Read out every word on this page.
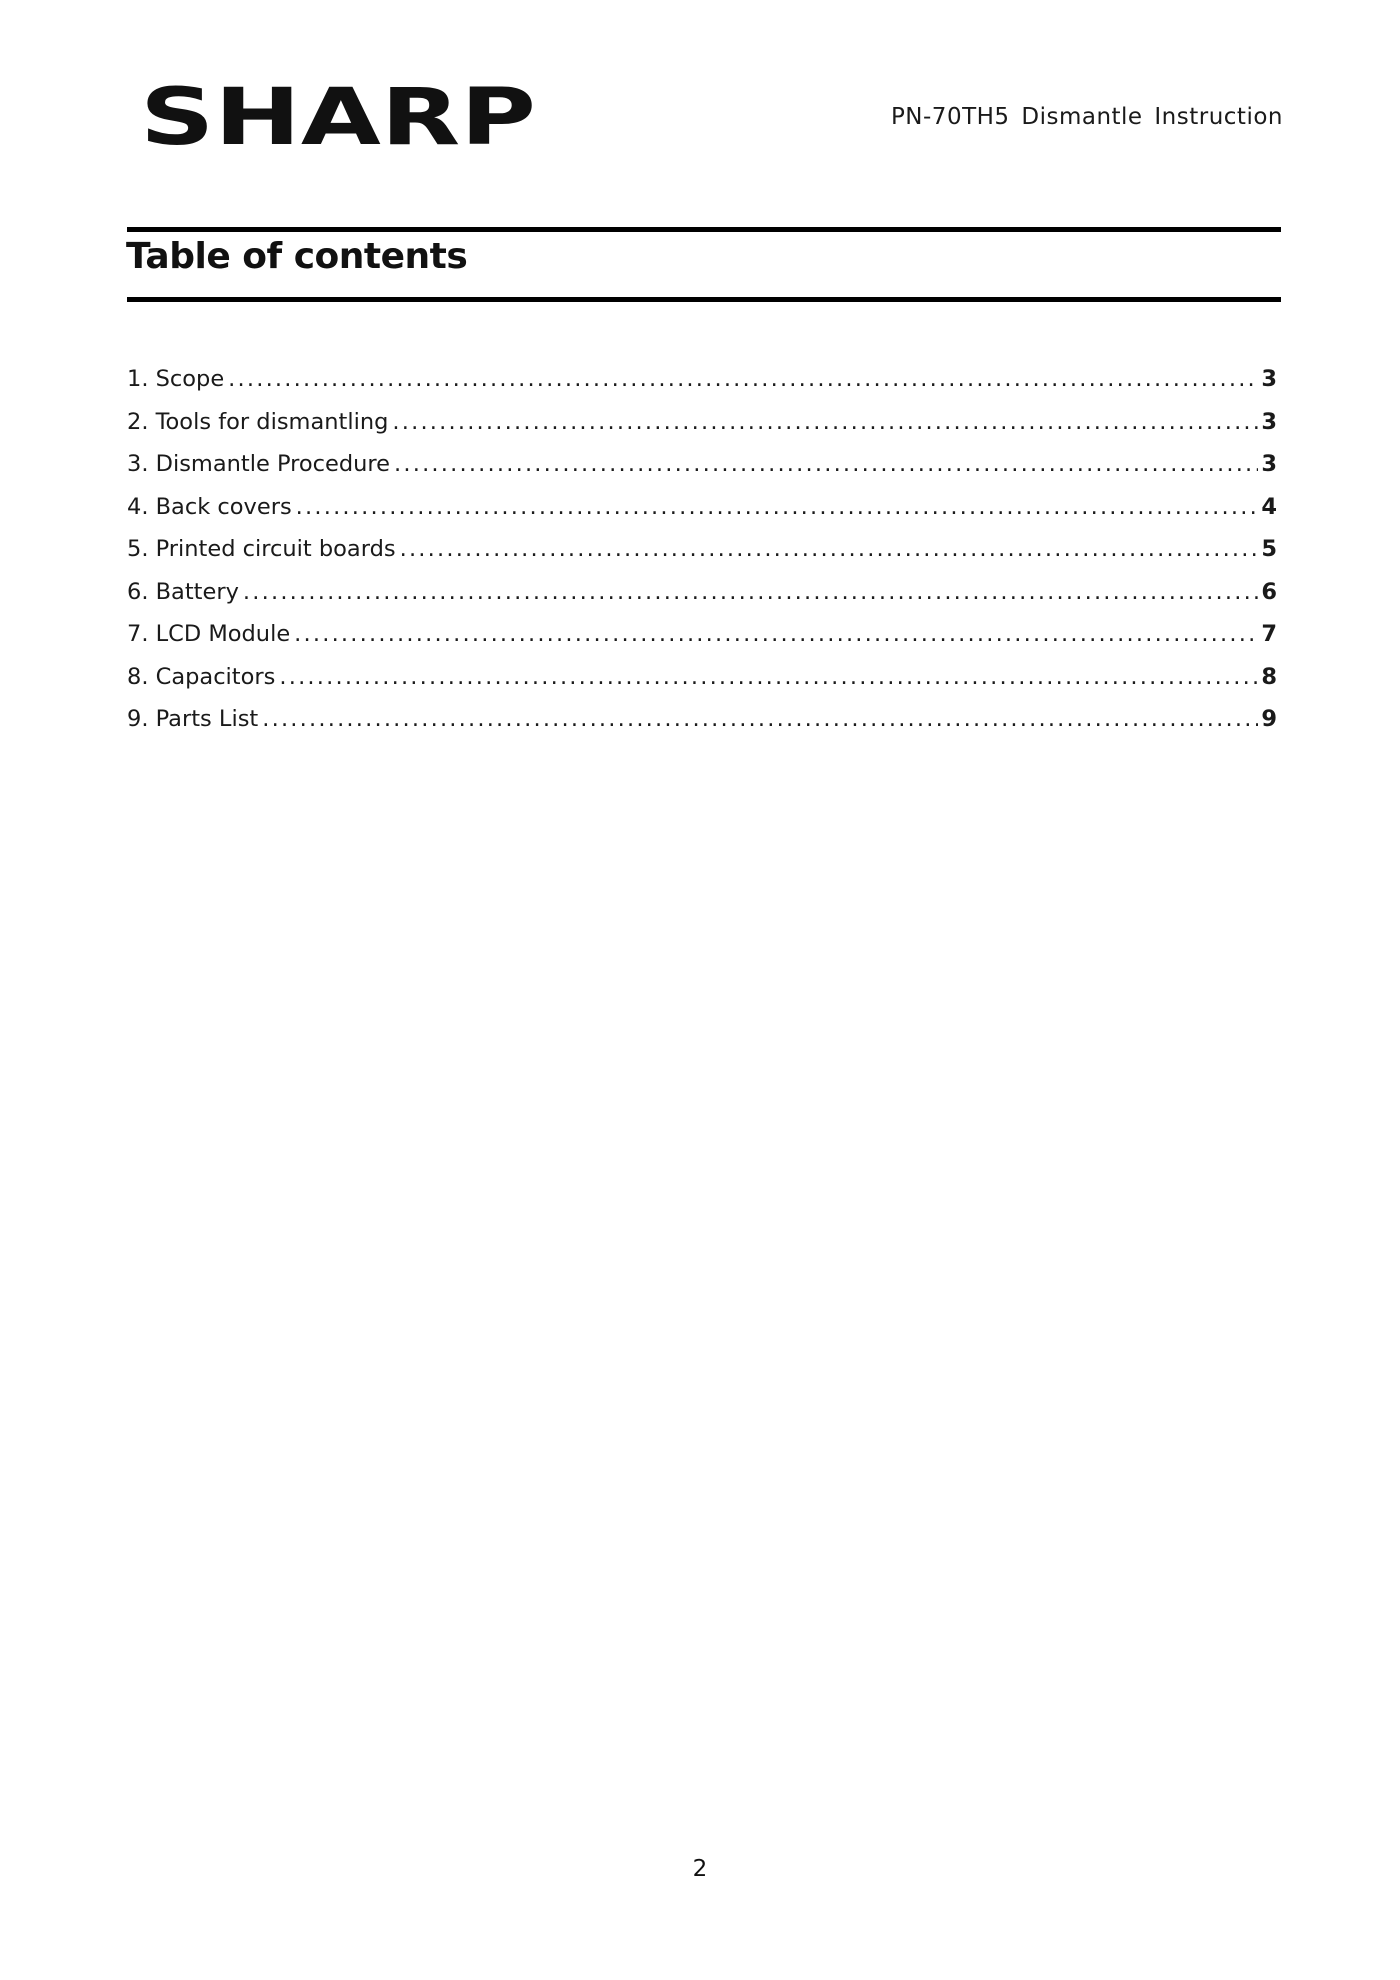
SHARP	PN-70TH5 Dismantle Instruction
Table of contents
1. Scope .....	3
2. Tools for dismantling .....	3
3. Dismantle Procedure .....	3
4. Back covers .....	4
5. Printed circuit boards .....	5
6. Battery .....	6
7. LCD Module .....	7
8. Capacitors .....	8
9. Parts List .....	9
2
